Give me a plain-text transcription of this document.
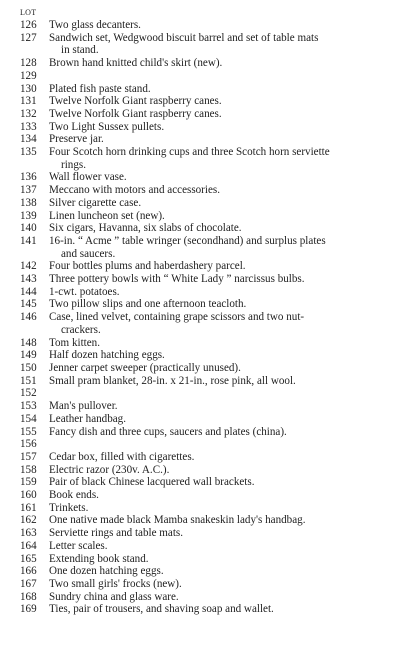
LOT
126	Two glass decanters.
127	Sandwich set, Wedgwood biscuit barrel and set of table mats
in stand.
128	Brown hand knitted child's skirt (new).
129

130	Plated fish paste stand.
131	Twelve Norfolk Giant raspberry canes.
132	Twelve Norfolk Giant raspberry canes.
133	Two Light Sussex pullets.
134	Preserve jar.
135	Four Scotch horn drinking cups and three Scotch horn serviette
rings.
136	Wall flower vase.
137	Meccano with motors and accessories.
138	Silver cigarette case.
139	Linen luncheon set (new).
140	Six cigars, Havanna, six slabs of chocolate.
141	16-in. “ Acme ” table wringer (secondhand) and surplus plates
and saucers.
142	Four bottles plums and haberdashery parcel.
143	Three pottery bowls with “ White Lady ” narcissus bulbs.
144	1-cwt. potatoes.
145	Two pillow slips and one afternoon teacloth.
146	Case, lined velvet, containing grape scissors and two nut-
crackers.
148	Tom kitten.
149	Half dozen hatching eggs.
150	Jenner carpet sweeper (practically unused).
151	Small pram blanket, 28-in. x 21-in., rose pink, all wool.
152

153	Man's pullover.
154	Leather handbag.
155	Fancy dish and three cups, saucers and plates (china).
156

157	Cedar box, filled with cigarettes.
158	Electric razor (230v. A.C.).
159	Pair of black Chinese lacquered wall brackets.
160	Book ends.
161	Trinkets.
162	One native made black Mamba snakeskin lady's handbag.
163	Serviette rings and table mats.
164	Letter scales.
165	Extending book stand.
166	One dozen hatching eggs.
167	Two small girls' frocks (new).
168	Sundry china and glass ware.
169	Ties, pair of trousers, and shaving soap and wallet.
